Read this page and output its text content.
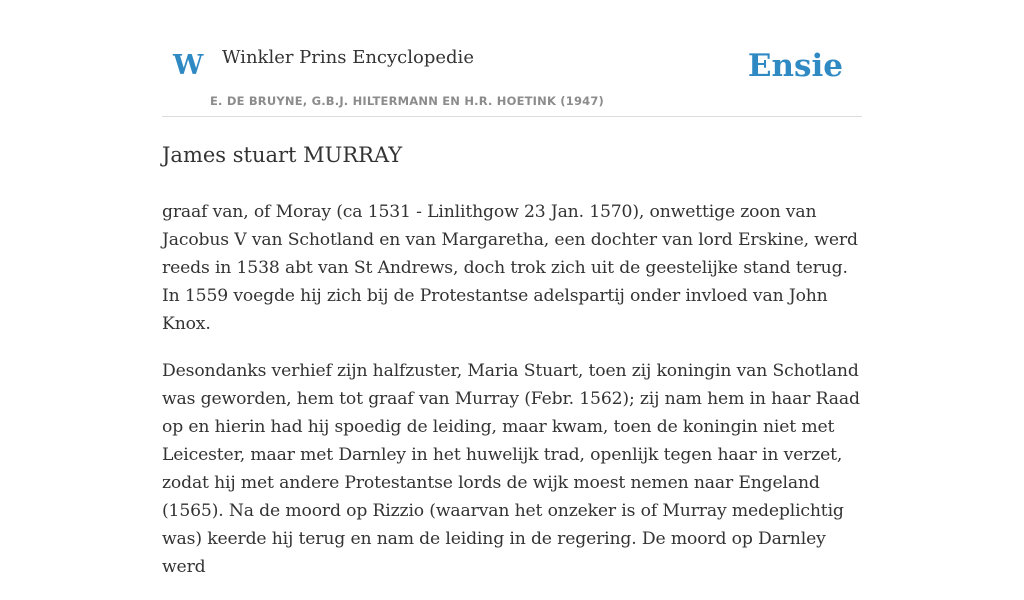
W Winkler Prins Encyclopedie
E. DE BRUYNE, G.B.J. HILTERMANN EN H.R. HOETINK (1947)
Ensie
James stuart MURRAY

graaf van, of Moray (ca 1531 - Linlithgow 23 Jan. 1570), onwettige zoon van Jacobus V van Schotland en van Margaretha, een dochter van lord Erskine, werd reeds in 1538 abt van St Andrews, doch trok zich uit de geestelijke stand terug. In 1559 voegde hij zich bij de Protestantse adelspartij onder invloed van John Knox.

Desondanks verhief zijn halfzuster, Maria Stuart, toen zij koningin van Schotland was geworden, hem tot graaf van Murray (Febr. 1562); zij nam hem in haar Raad op en hierin had hij spoedig de leiding, maar kwam, toen de koningin niet met Leicester, maar met Darnley in het huwelijk trad, openlijk tegen haar in verzet, zodat hij met andere Protestantse lords de wijk moest nemen naar Engeland (1565). Na de moord op Rizzio (waarvan het onzeker is of Murray medeplichtig was) keerde hij terug en nam de leiding in de regering. De moord op Darnley werd
